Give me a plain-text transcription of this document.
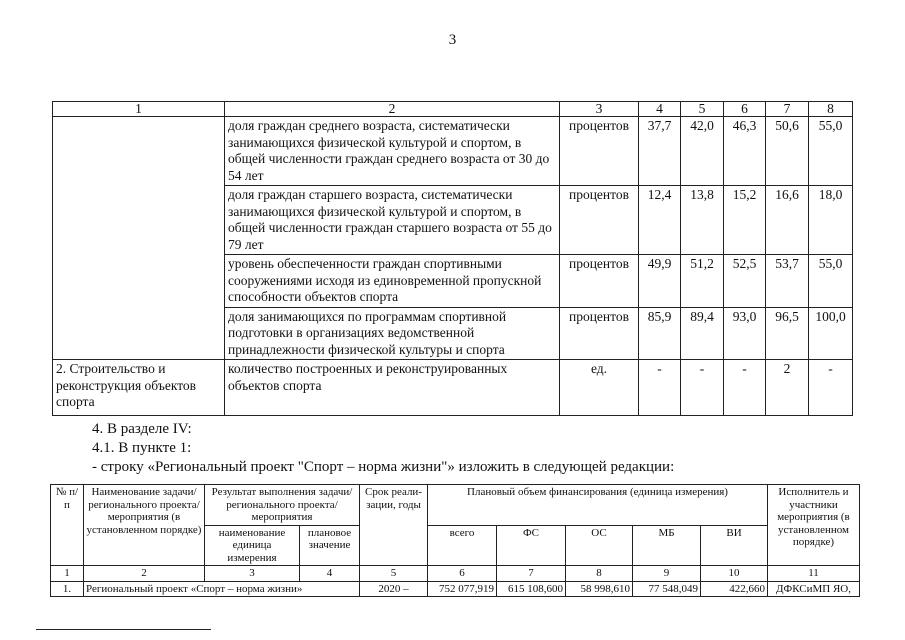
3
1	2	3	4	5	6	7	8
	доля граждан среднего возраста, систематически занимающихся физической культурой и спортом, в общей численности граждан среднего возраста от 30 до 54 лет	процентов	37,7	42,0	46,3	50,6	55,0
	доля граждан старшего возраста, систематически занимающихся физической культурой и спортом, в общей численности граждан старшего возраста от 55 до 79 лет	процентов	12,4	13,8	15,2	16,6	18,0
	уровень обеспеченности граждан спортивными сооружениями исходя из единовременной пропускной способности объектов спорта	процентов	49,9	51,2	52,5	53,7	55,0
	доля занимающихся по программам спортивной подготовки в организациях ведомственной принадлежности физической культуры и спорта	процентов	85,9	89,4	93,0	96,5	100,0
2. Строительство и реконструкция объектов спорта	количество построенных и реконструированных объектов спорта	ед.	-	-	-	2	-
4. В разделе IV:
4.1. В пункте 1:
- строку «Региональный проект "Спорт – норма жизни"» изложить в следующей редакции:
№ п/п	Наименование задачи/ регионального проекта/ мероприятия (в установленном порядке)	Результат выполнения задачи/ регионального проекта/ мероприятия		Срок реали-зации, годы	Плановый объем финансирования (единица измерения)					Исполнитель и участники мероприятия (в установленном порядке)
		наименование единица измерения	плановое значение		всего	ФС	ОС	МБ	ВИ	

1	2	3	4	5	6	7	8	9	10	11
1.	Региональный проект «Спорт – норма жизни»			2020 –	752 077,919	615 108,600	58 998,610	77 548,049	422,660	ДФКСиМП ЯО,
